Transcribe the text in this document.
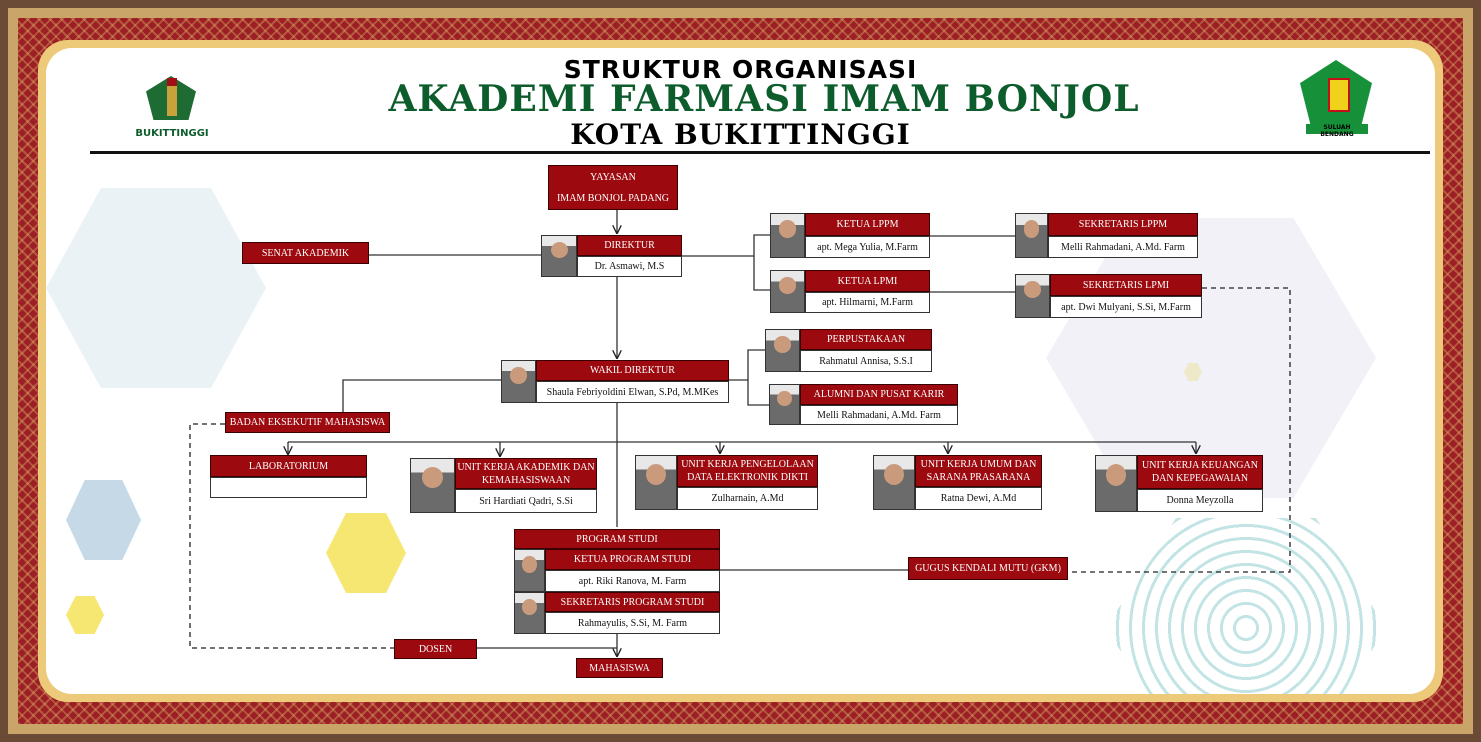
BUKITTINGGI
SULUAH BENDANG
STRUKTUR ORGANISASI
AKADEMI FARMASI IMAM BONJOL
KOTA BUKITTINGGI
YAYASAN
IMAM BONJOL PADANG
DIREKTUR
Dr. Asmawi, M.S
SENAT AKADEMIK
KETUA LPPM
apt. Mega Yulia, M.Farm
KETUA LPMI
apt. Hilmarni, M.Farm
SEKRETARIS LPPM
Melli Rahmadani, A.Md. Farm
SEKRETARIS LPMI
apt. Dwi Mulyani, S.Si, M.Farm
WAKIL DIREKTUR
Shaula Febriyoldini Elwan, S.Pd, M.MKes
PERPUSTAKAAN
Rahmatul Annisa, S.S.I
ALUMNI DAN PUSAT KARIR
Melli Rahmadani, A.Md. Farm
BADAN EKSEKUTIF MAHASISWA
LABORATORIUM	UNIT KERJA AKADEMIK DAN KEMAHASISWAAN
Sri Hardiati Qadri, S.Si
UNIT KERJA PENGELOLAAN DATA ELEKTRONIK DIKTI
Zulharnain, A.Md
UNIT KERJA UMUM DAN SARANA PRASARANA
Ratna Dewi, A.Md
UNIT KERJA KEUANGAN DAN KEPEGAWAIAN
Donna Meyzolla
PROGRAM STUDI
KETUA PROGRAM STUDI
apt. Riki Ranova, M. Farm
SEKRETARIS PROGRAM STUDI
Rahmayulis, S.Si, M. Farm
GUGUS KENDALI MUTU (GKM)
DOSEN
MAHASISWA
